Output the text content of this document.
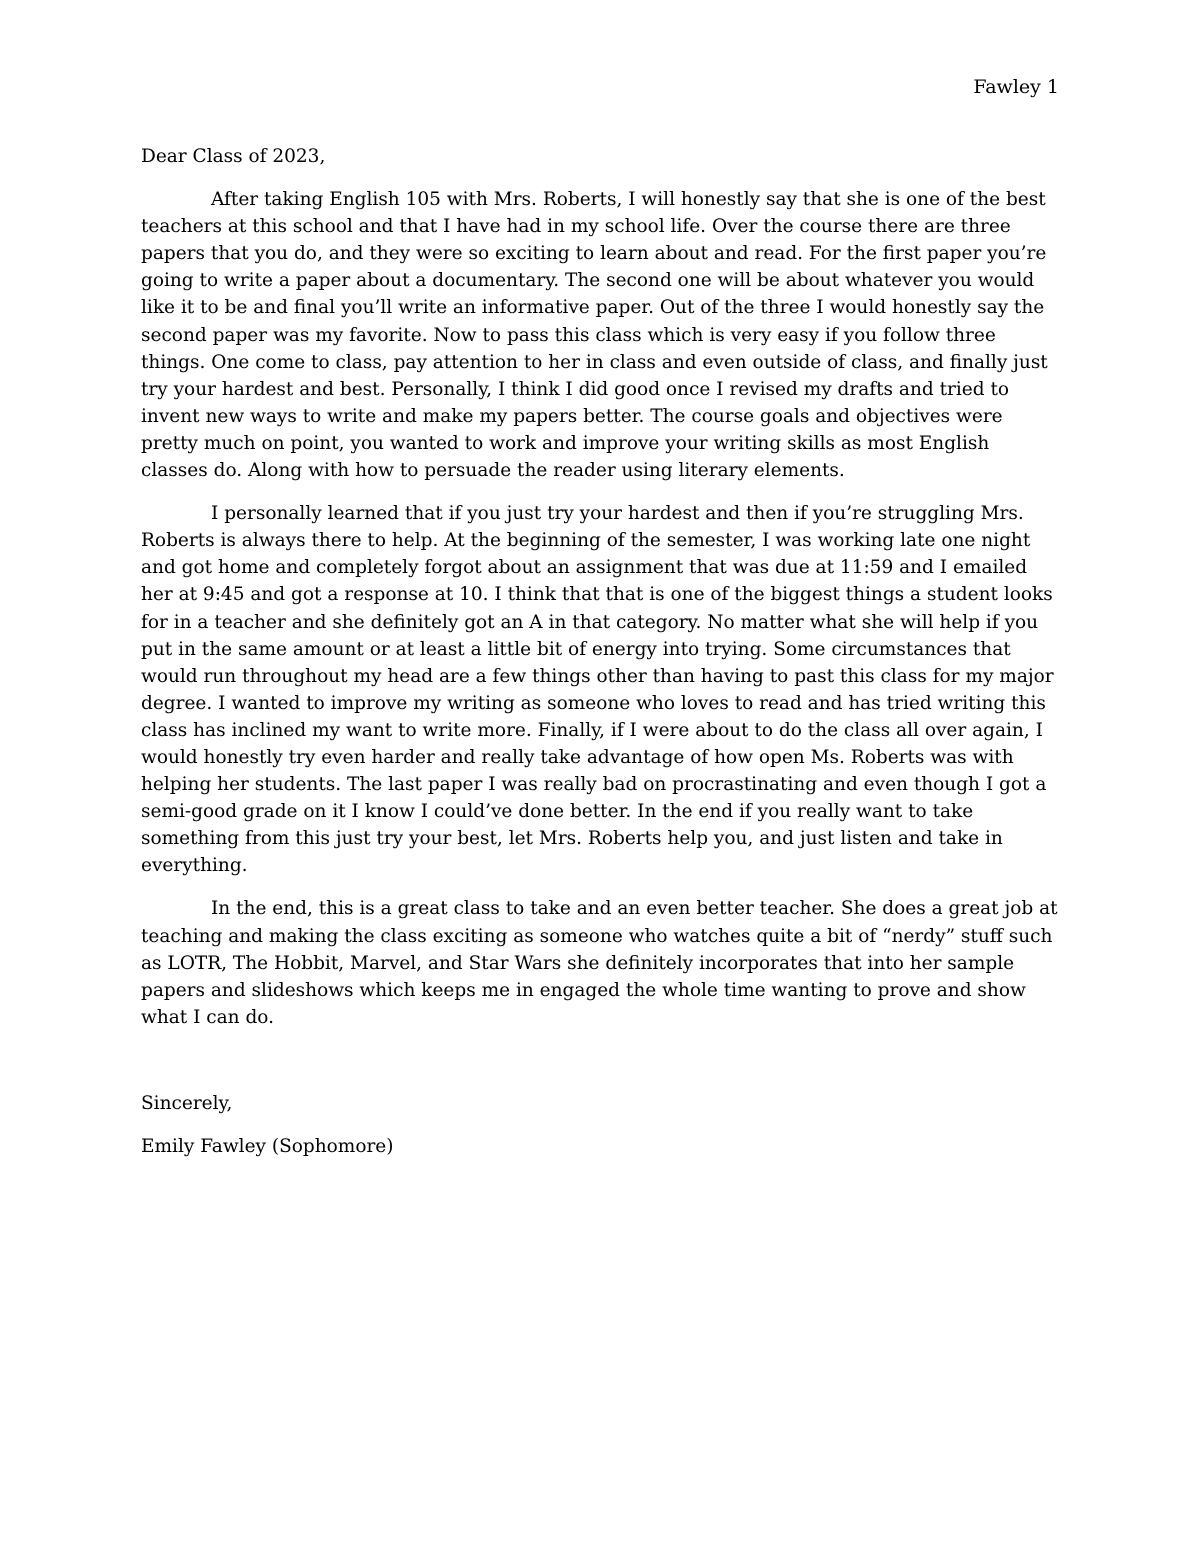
Fawley 1

Dear Class of 2023,

After taking English 105 with Mrs. Roberts, I will honestly say that she is one of the best teachers at this school and that I have had in my school life. Over the course there are three papers that you do, and they were so exciting to learn about and read. For the first paper you’re going to write a paper about a documentary. The second one will be about whatever you would like it to be and final you’ll write an informative paper. Out of the three I would honestly say the second paper was my favorite. Now to pass this class which is very easy if you follow three things. One come to class, pay attention to her in class and even outside of class, and finally just try your hardest and best. Personally, I think I did good once I revised my drafts and tried to invent new ways to write and make my papers better. The course goals and objectives were pretty much on point, you wanted to work and improve your writing skills as most English classes do. Along with how to persuade the reader using literary elements.

I personally learned that if you just try your hardest and then if you’re struggling Mrs. Roberts is always there to help. At the beginning of the semester, I was working late one night and got home and completely forgot about an assignment that was due at 11:59 and I emailed her at 9:45 and got a response at 10. I think that that is one of the biggest things a student looks for in a teacher and she definitely got an A in that category. No matter what she will help if you put in the same amount or at least a little bit of energy into trying. Some circumstances that would run throughout my head are a few things other than having to past this class for my major degree. I wanted to improve my writing as someone who loves to read and has tried writing this class has inclined my want to write more. Finally, if I were about to do the class all over again, I would honestly try even harder and really take advantage of how open Ms. Roberts was with helping her students. The last paper I was really bad on procrastinating and even though I got a semi-good grade on it I know I could’ve done better. In the end if you really want to take something from this just try your best, let Mrs. Roberts help you, and just listen and take in everything.

In the end, this is a great class to take and an even better teacher. She does a great job at teaching and making the class exciting as someone who watches quite a bit of “nerdy” stuff such as LOTR, The Hobbit, Marvel, and Star Wars she definitely incorporates that into her sample papers and slideshows which keeps me in engaged the whole time wanting to prove and show what I can do.

Sincerely,

Emily Fawley (Sophomore)
